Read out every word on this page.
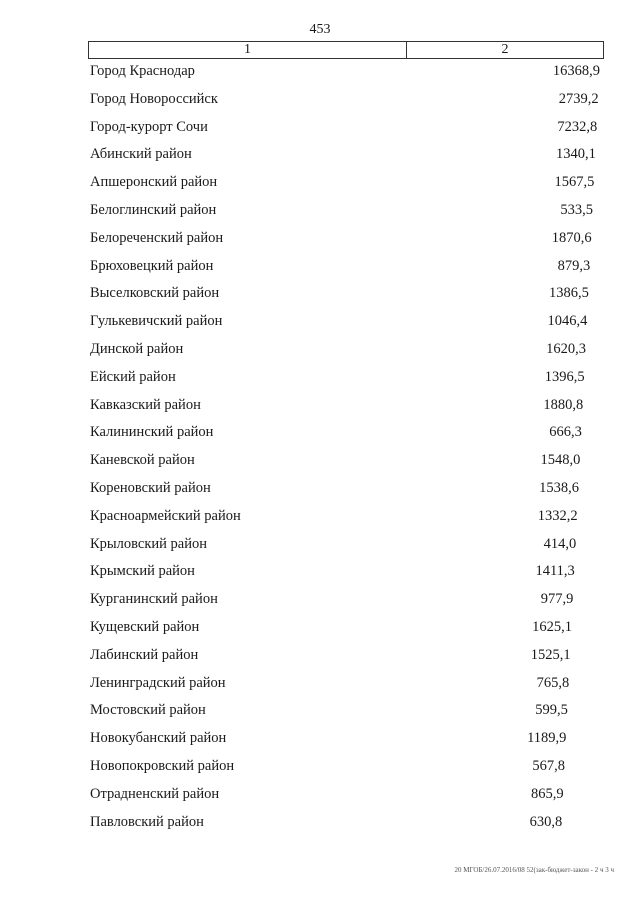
453
1	2
Город Краснодар	16368,9
Город Новороссийск	2739,2
Город-курорт Сочи	7232,8
Абинский район	1340,1
Апшеронский район	1567,5
Белоглинский район	533,5
Белореченский район	1870,6
Брюховецкий район	879,3
Выселковский район	1386,5
Гулькевичский район	1046,4
Динской район	1620,3
Ейский район	1396,5
Кавказский район	1880,8
Калининский район	666,3
Каневской район	1548,0
Кореновский район	1538,6
Красноармейский район	1332,2
Крыловский район	414,0
Крымский район	1411,3
Курганинский район	977,9
Кущевский район	1625,1
Лабинский район	1525,1
Ленинградский район	765,8
Мостовский район	599,5
Новокубанский район	1189,9
Новопокровский район	567,8
Отрадненский район	865,9
Павловский район	630,8
20 МГОБ/26.07.2016/08 52(зак-бюджет-закон - 2 ч 3 ч
